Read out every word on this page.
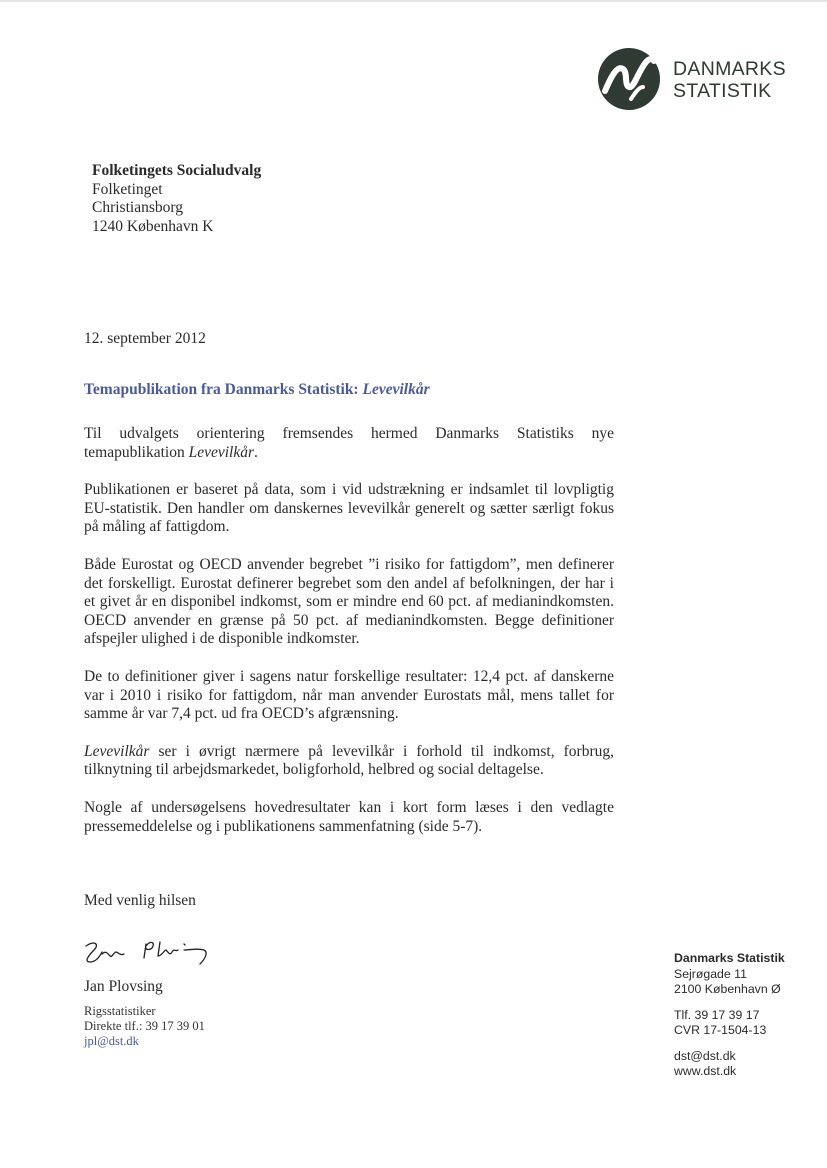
DANMARKS
STATISTIK
Folketingets Socialudvalg
Folketinget
Christiansborg
1240 København K
12. september 2012
Temapublikation fra Danmarks Statistik: Levevilkår

Til udvalgets orientering fremsendes hermed Danmarks Statistiks nye temapublikation Levevilkår.

Publikationen er baseret på data, som i vid udstrækning er indsamlet til lovpligtig EU-statistik. Den handler om danskernes levevilkår generelt og sætter særligt fokus på måling af fattigdom.

Både Eurostat og OECD anvender begrebet ”i risiko for fattigdom”, men definerer det forskelligt. Eurostat definerer begrebet som den andel af befolkningen, der har i et givet år en disponibel indkomst, som er mindre end 60 pct. af medianindkomsten. OECD anvender en grænse på 50 pct. af medianindkomsten. Begge definitioner afspejler ulighed i de disponible indkomster.

De to definitioner giver i sagens natur forskellige resultater: 12,4 pct. af danskerne var i 2010 i risiko for fattigdom, når man anvender Eurostats mål, mens tallet for samme år var 7,4 pct. ud fra OECD’s afgrænsning.

Levevilkår ser i øvrigt nærmere på levevilkår i forhold til indkomst, forbrug, tilknytning til arbejdsmarkedet, boligforhold, helbred og social deltagelse.

Nogle af undersøgelsens hovedresultater kan i kort form læses i den vedlagte pressemeddelelse og i publikationens sammenfatning (side 5-7).

Med venlig hilsen
Jan Plovsing
Rigsstatistiker
Direkte tlf.: 39 17 39 01
jpl@dst.dk
Danmarks Statistik
Sejrøgade 11
2100 København Ø
Tlf. 39 17 39 17
CVR 17-1504-13
dst@dst.dk
www.dst.dk
